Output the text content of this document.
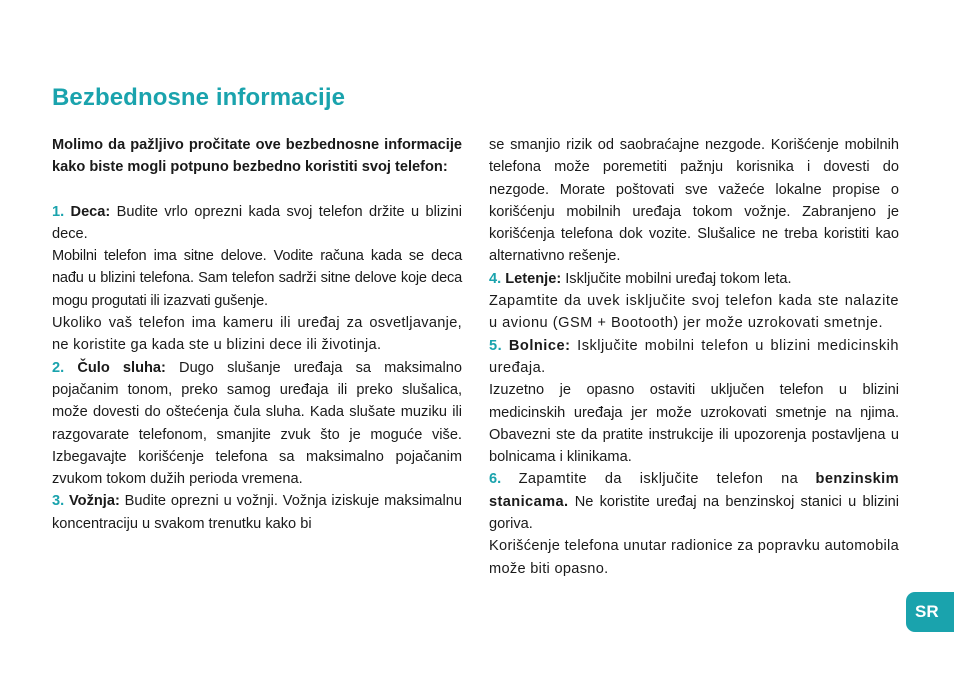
Bezbednosne informacije

Molimo da pažljivo pročitate ove bezbednosne informacije kako biste mogli potpuno bezbedno koristiti svoj telefon:

1. Deca: Budite vrlo oprezni kada svoj telefon držite u blizini dece.

Mobilni telefon ima sitne delove. Vodite računa kada se deca nađu u blizini telefona. Sam telefon sadrži sitne delove koje deca mogu progutati ili izazvati gušenje.

Ukoliko vaš telefon ima kameru ili uređaj za osvetljavanje, ne koristite ga kada ste u blizini dece ili životinja.

2. Čulo sluha: Dugo slušanje uređaja sa maksimalno pojačanim tonom, preko samog uređaja ili preko slušalica, može dovesti do oštećenja čula sluha. Kada slušate muziku ili razgovarate telefonom, smanjite zvuk što je moguće više. Izbegavajte korišćenje telefona sa maksimalno pojačanim zvukom tokom dužih perioda vremena.

3. Vožnja: Budite oprezni u vožnji. Vožnja iziskuje maksimalnu koncentraciju u svakom trenutku kako bi

se smanjio rizik od saobraćajne nezgode. Korišćenje mobilnih telefona može poremetiti pažnju korisnika i dovesti do nezgode. Morate poštovati sve važeće lokalne propise o korišćenju mobilnih uređaja tokom vožnje. Zabranjeno je korišćenja telefona dok vozite. Slušalice ne treba koristiti kao alternativno rešenje.

4. Letenje: Isključite mobilni uređaj tokom leta.

Zapamtite da uvek isključite svoj telefon kada ste nalazite u avionu (GSM + Bootooth) jer može uzrokovati smetnje.

5. Bolnice: Isključite mobilni telefon u blizini medicinskih uređaja.

Izuzetno je opasno ostaviti uključen telefon u blizini medicinskih uređaja jer može uzrokovati smetnje na njima. Obavezni ste da pratite instrukcije ili upozorenja postavljena u bolnicama i klinikama.

6. Zapamtite da isključite telefon na benzinskim stanicama. Ne koristite uređaj na benzinskoj stanici u blizini goriva.

Korišćenje telefona unutar radionice za popravku automobila može biti opasno.

SR
